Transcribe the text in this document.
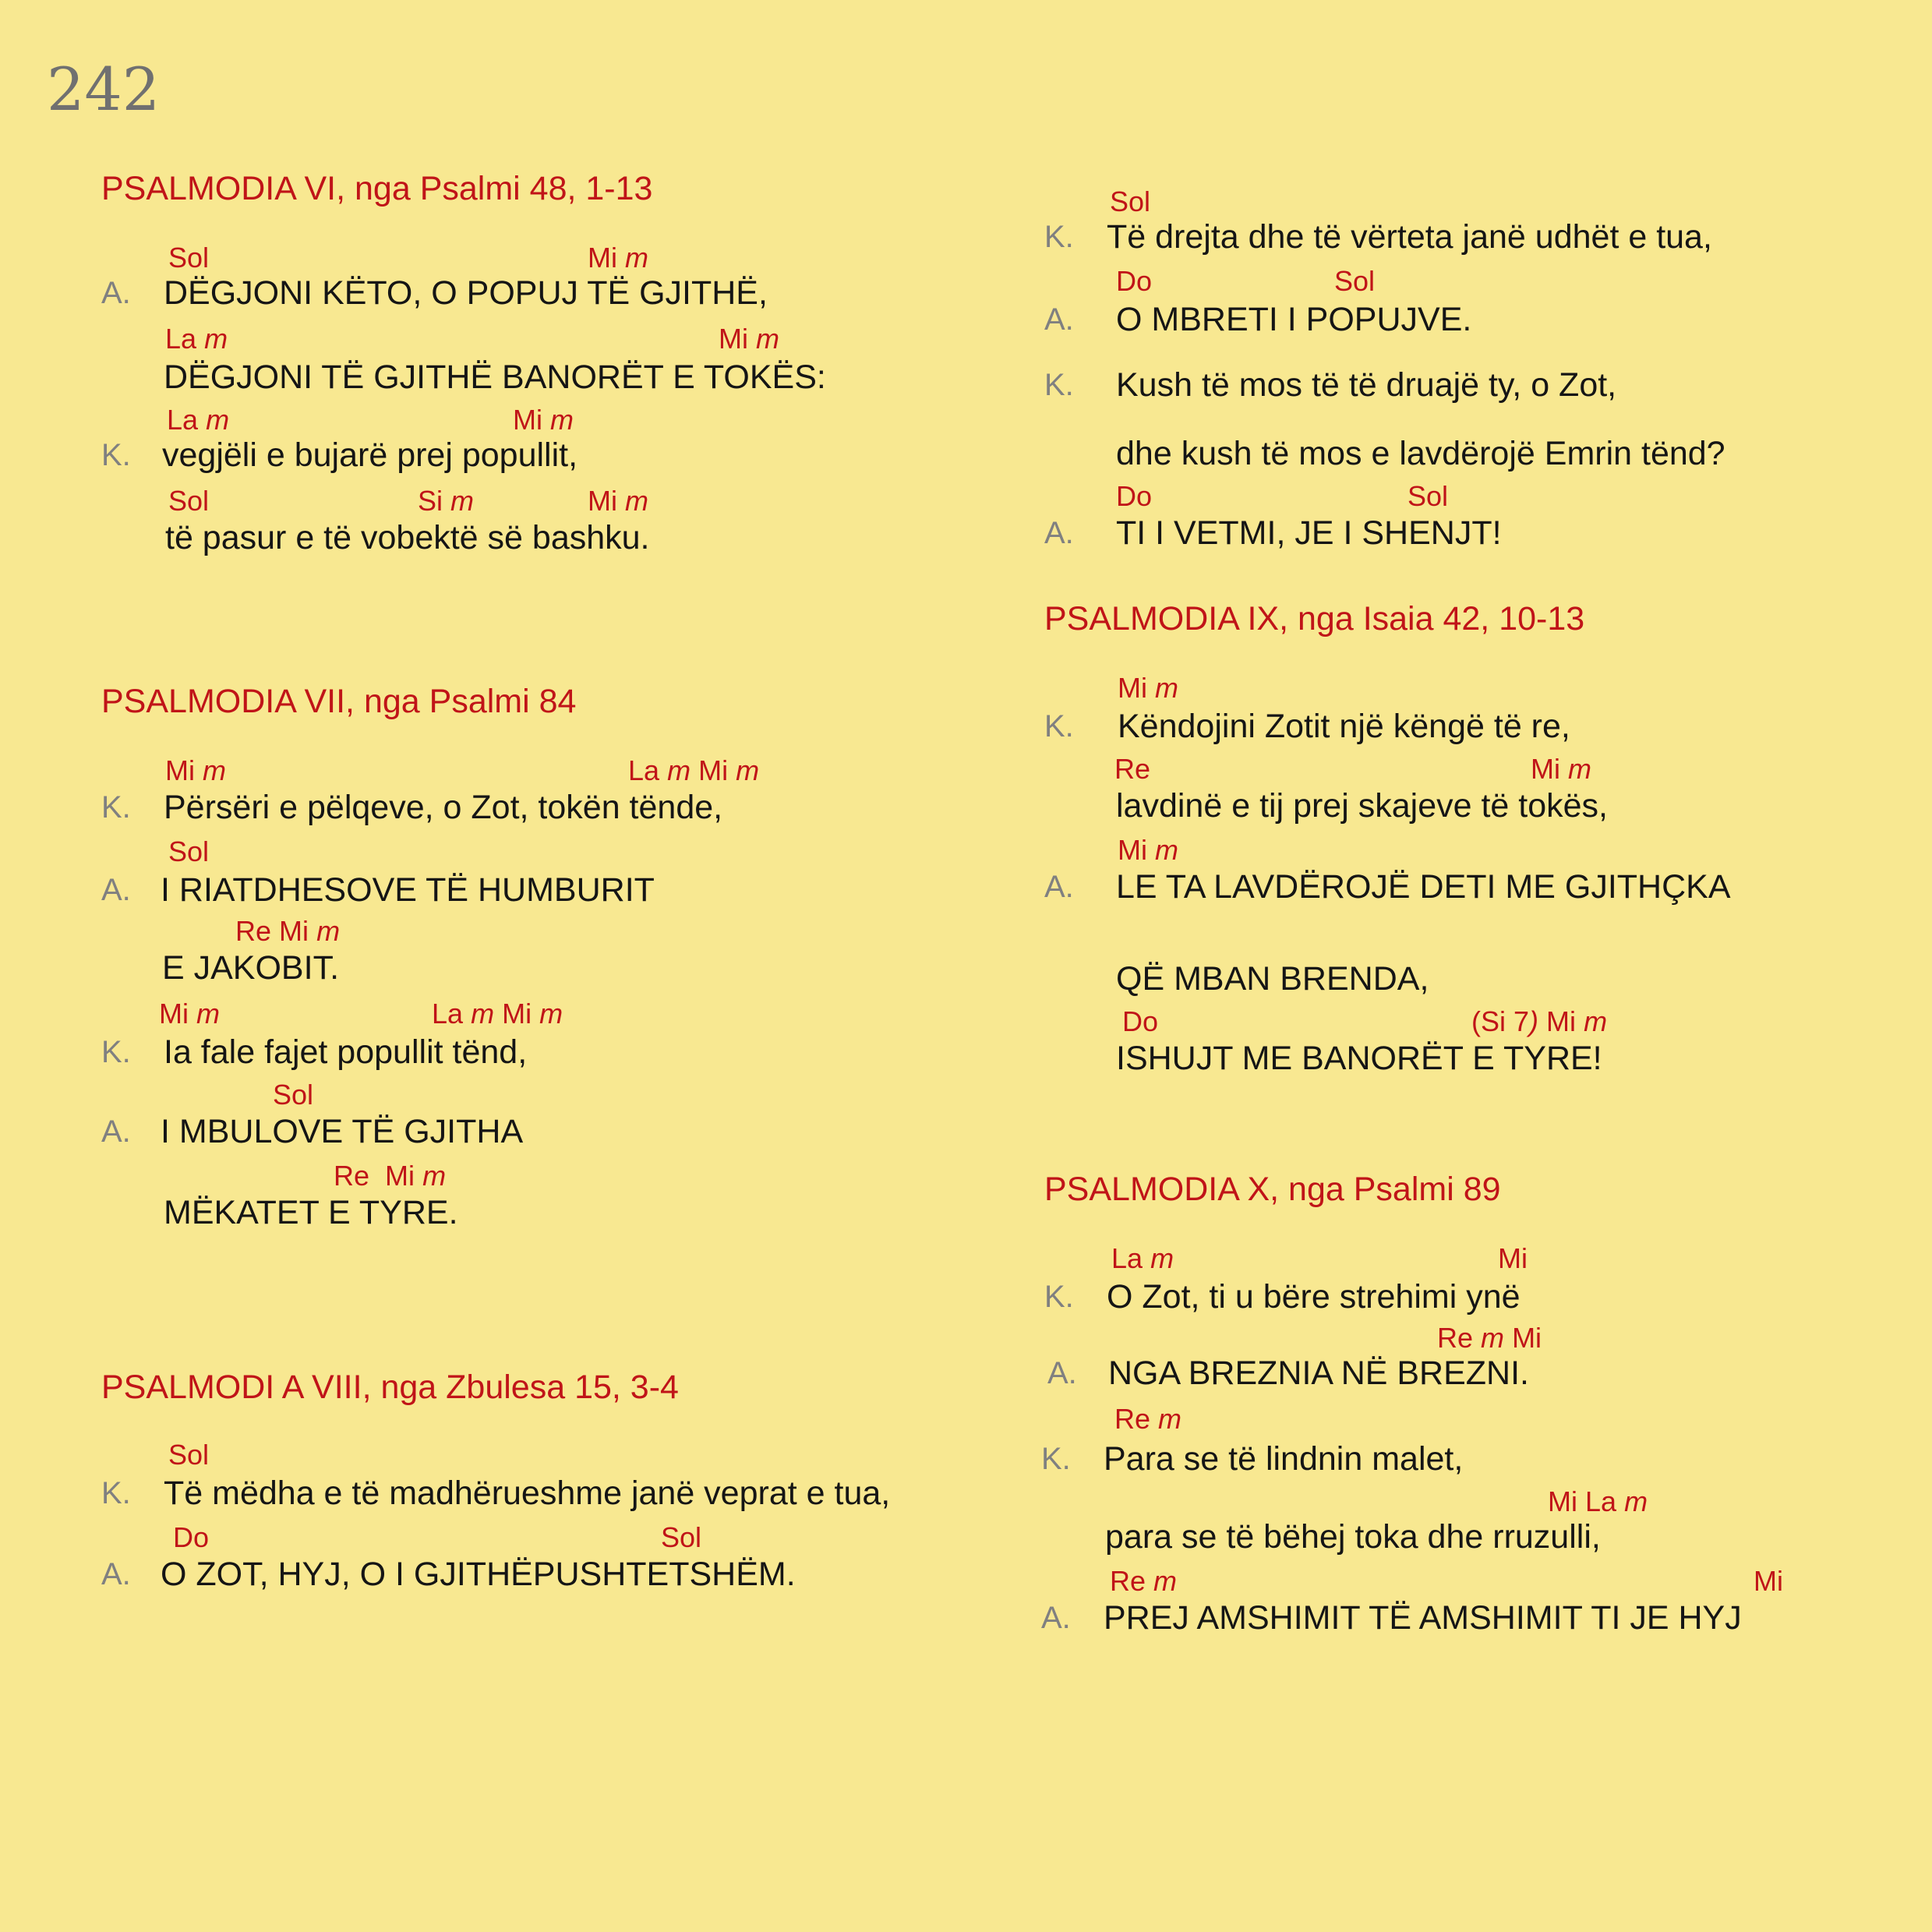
242
PSALMODIA VI, nga Psalmi 48, 1-13
Sol	Mi m
A. DËGJONI KËTO, O POPUJ TË GJITHË,
La m	Mi m
DËGJONI TË GJITHË BANORËT E TOKËS:
La m	Mi m
K. vegjëli e bujarë prej popullit,
Sol	Si m	Mi m
të pasur e të vobektë së bashku.
PSALMODIA VII, nga Psalmi 84
Mi m	La m Mi m
K. Përsëri e pëlqeve, o Zot, tokën tënde,
Sol
A. I RIATDHESOVE TË HUMBURIT
Re Mi m
E JAKOBIT.
Mi m	La m Mi m
K. Ia fale fajet popullit tënd,
Sol
A. I MBULOVE TË GJITHA
Re Mi m
MËKATET E TYRE.
PSALMODI A VIII, nga Zbulesa 15, 3-4
Sol
K. Të mëdha e të madhërueshme janë veprat e tua,
Do	Sol
A. O ZOT, HYJ, O I GJITHËPUSHTETSHËM.
Sol
K. Të drejta dhe të vërteta janë udhët e tua,
Do	Sol
A. O MBRETI I POPUJVE.
K. Kush të mos të të druajë ty, o Zot,
dhe kush të mos e lavdërojë Emrin tënd?
Do	Sol
A. TI I VETMI, JE I SHENJT!
PSALMODIA IX, nga Isaia 42, 10-13
Mi m
K. Këndojini Zotit një këngë të re,
Re	Mi m
lavdinë e tij prej skajeve të tokës,
Mi m
A. LE TA LAVDËROJË DETI ME GJITHÇKA
QË MBAN BRENDA,
Do	(Si 7) Mi m
ISHUJT ME BANORËT E TYRE!
PSALMODIA X, nga Psalmi 89
La m	Mi
K. O Zot, ti u bëre strehimi ynë
Re m Mi
A. NGA BREZNIA NË BREZNI.
Re m
K. Para se të lindnin malet,
Mi La m
para se të bëhej toka dhe rruzulli,
Re m	Mi
A. PREJ AMSHIMIT TË AMSHIMIT TI JE HYJ
